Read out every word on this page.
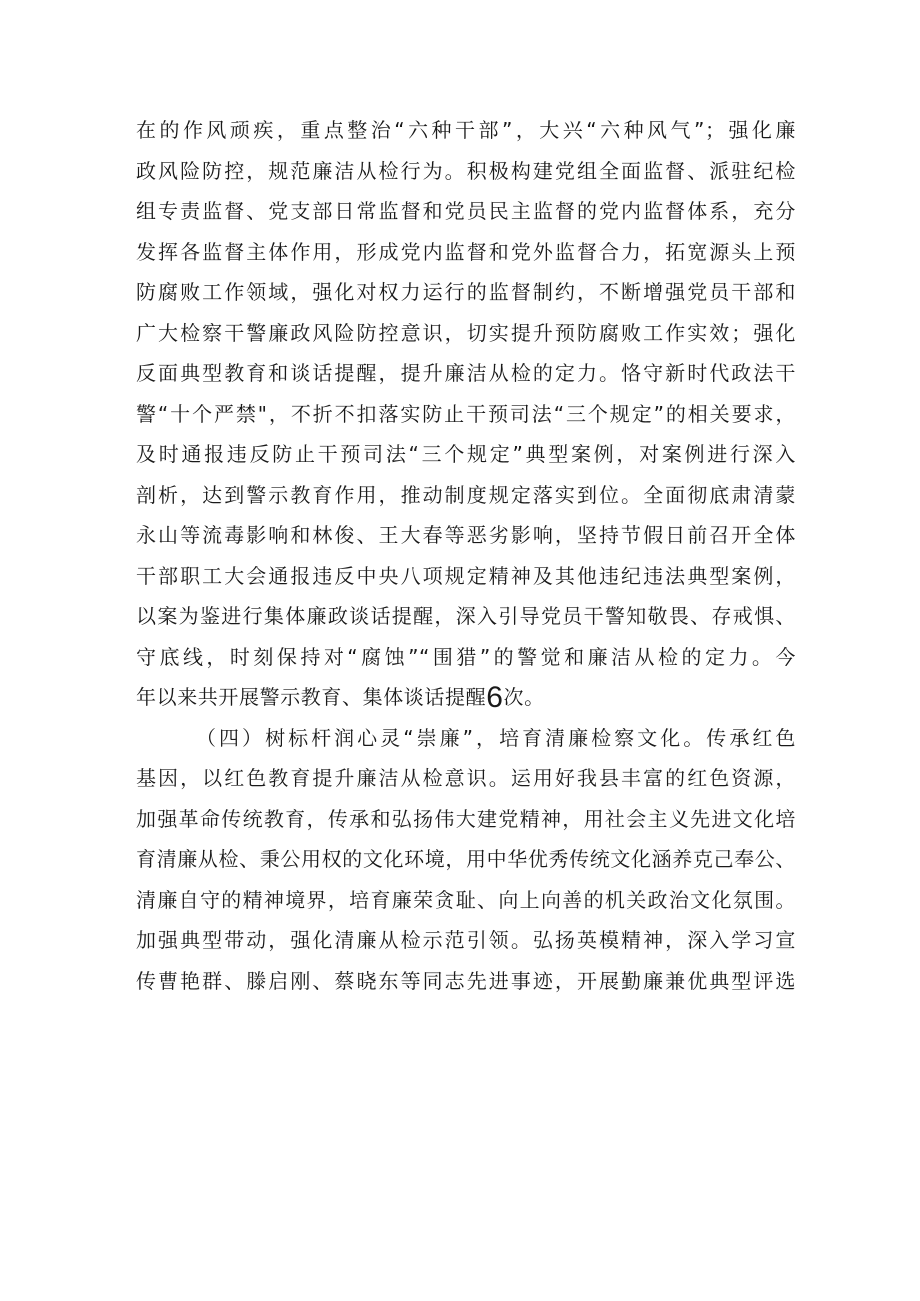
在的作风顽疾，重点整治“六种干部”，大兴“六种风气”；强化廉
政风险防控，规范廉洁从检行为。积极构建党组全面监督、派驻纪检
组专责监督、党支部日常监督和党员民主监督的党内监督体系，充分
发挥各监督主体作用，形成党内监督和党外监督合力，拓宽源头上预
防腐败工作领域，强化对权力运行的监督制约，不断增强党员干部和
广大检察干警廉政风险防控意识，切实提升预防腐败工作实效；强化
反面典型教育和谈话提醒，提升廉洁从检的定力。恪守新时代政法干
警“十个严禁"，不折不扣落实防止干预司法“三个规定”的相关要求，
及时通报违反防止干预司法“三个规定”典型案例，对案例进行深入
剖析，达到警示教育作用，推动制度规定落实到位。全面彻底肃清蒙
永山等流毒影响和林俊、王大春等恶劣影响，坚持节假日前召开全体
干部职工大会通报违反中央八项规定精神及其他违纪违法典型案例，
以案为鉴进行集体廉政谈话提醒，深入引导党员干警知敬畏、存戒惧、
守底线，时刻保持对“腐蚀”“围猎”的警觉和廉洁从检的定力。今
年以来共开展警示教育、集体谈话提醒6次。
（四）树标杆润心灵“崇廉”，培育清廉检察文化。传承红色
基因，以红色教育提升廉洁从检意识。运用好我县丰富的红色资源，
加强革命传统教育，传承和弘扬伟大建党精神，用社会主义先进文化培
育清廉从检、秉公用权的文化环境，用中华优秀传统文化涵养克己奉公、
清廉自守的精神境界，培育廉荣贪耻、向上向善的机关政治文化氛围。
加强典型带动，强化清廉从检示范引领。弘扬英模精神，深入学习宣
传曹艳群、滕启刚、蔡晓东等同志先进事迹，开展勤廉兼优典型评选
